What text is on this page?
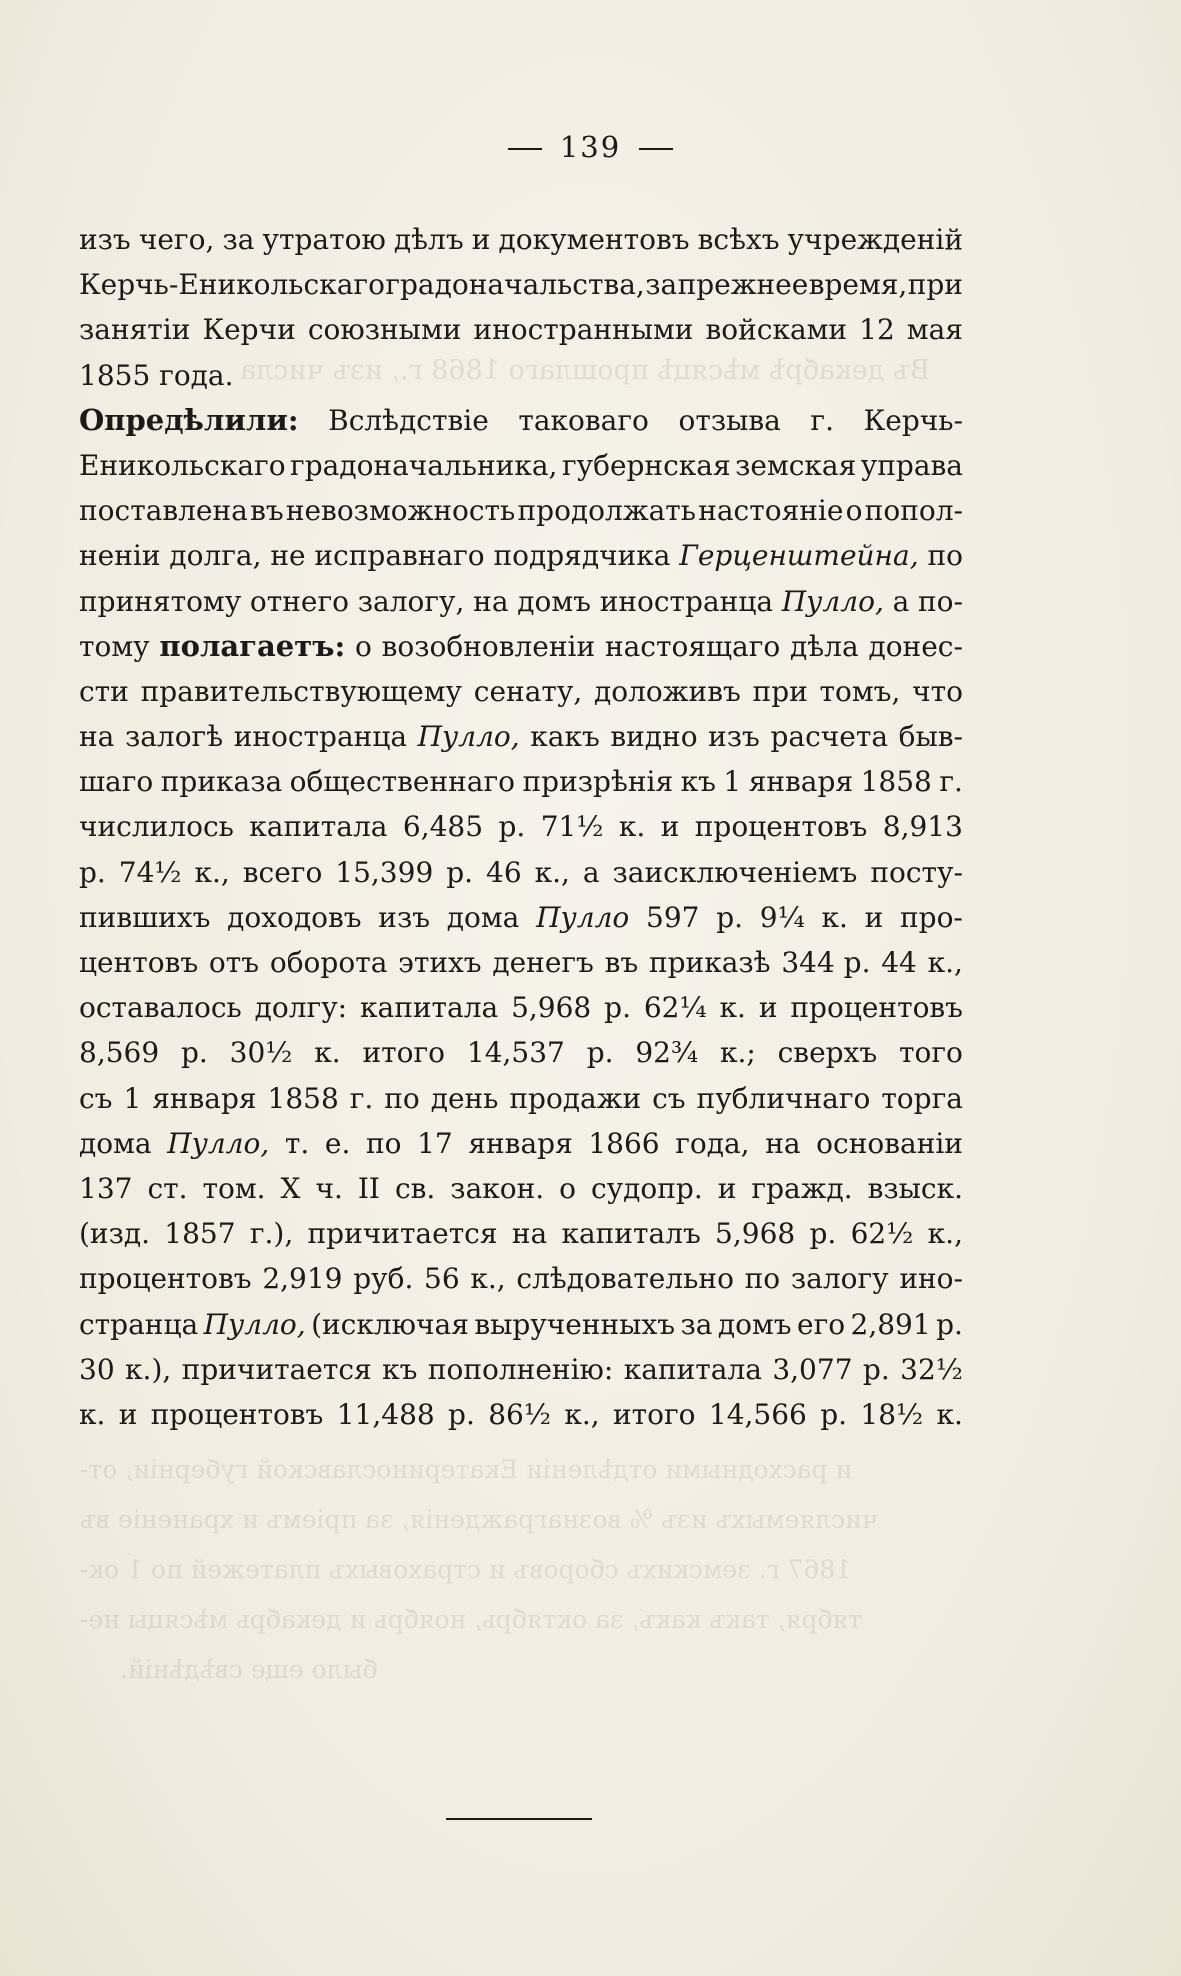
Въ декабрѣ мѣсяцѣ прошлаго 1868 г., изъ числа
и расходными отдѣленіи Екатеринославской губерніи, от-
числяемыхъ изъ % вознагражденія, за пріемъ и храненіе въ
1867 г. земскихъ сборовъ и страховыхъ платежей по 1 ок-
тября, такъ какъ, за октябрь, ноябрь и декабрь мѣсяцы не-
было еще свѣдѣній.
139
изъ чего, за утратою дѣлъ и документовъ всѣхъ учрежденій
Керчь-Еникольскаго градоначальства, за прежнее время, при
занятіи Керчи союзными иностранными войсками 12 мая
1855 года.
Опредѣлили: Вслѣдствіе таковаго отзыва г. Керчь-
Еникольскаго градоначальника, губернская земская управа
поставлена въ невозможность продолжать настояніе о попол-
неніи долга, не исправнаго подрядчика Герценштейна, по
принятому отнего залогу, на домъ иностранца Пулло, а по-
тому полагаетъ: о возобновленіи настоящаго дѣла донес-
сти правительствующему сенату, доложивъ при томъ, что
на залогѣ иностранца Пулло, какъ видно изъ расчета быв-
шаго приказа общественнаго призрѣнія къ 1 января 1858 г.
числилось капитала 6,485 р. 71½ к. и процентовъ 8,913
р. 74½ к., всего 15,399 р. 46 к., а заисключеніемъ посту-
пившихъ доходовъ изъ дома Пулло 597 р. 9¼ к. и про-
центовъ отъ оборота этихъ денегъ въ приказѣ 344 р. 44 к.,
оставалось долгу: капитала 5,968 р. 62¼ к. и процентовъ
8,569 р. 30½ к. итого 14,537 р. 92¾ к.; сверхъ того
съ 1 января 1858 г. по день продажи съ публичнаго торга
дома Пулло, т. е. по 17 января 1866 года, на основаніи
137 ст. том. X ч. II св. закон. о судопр. и гражд. взыск.
(изд. 1857 г.), причитается на капиталъ 5,968 р. 62½ к.,
процентовъ 2,919 руб. 56 к., слѣдовательно по залогу ино-
странца Пулло, (исключая вырученныхъ за домъ его 2,891 р.
30 к.), причитается къ пополненію: капитала 3,077 р. 32½
к. и процентовъ 11,488 р. 86½ к., итого 14,566 р. 18½ к.
